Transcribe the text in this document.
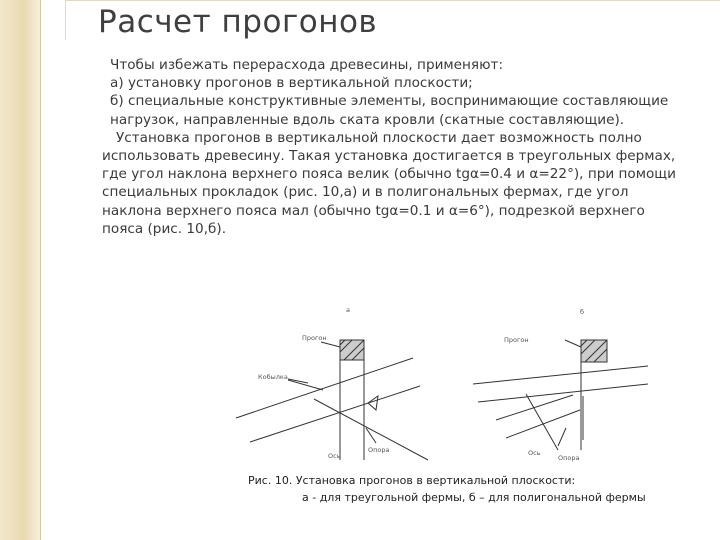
Расчет прогонов

Чтобы избежать перерасхода древесины, применяют:

а) установку прогонов в вертикальной плоскости;

б) специальные конструктивные элементы, воспринимающие составляющие нагрузок, направленные вдоль ската кровли (скатные составляющие).

Установка прогонов в вертикальной плоскости дает возможность полно использовать древесину. Такая установка достигается в треугольных фермах, где угол наклона верхнего пояса велик (обычно tgα=0.4 и α=22°), при помощи специальных прокладок (рис. 10,а) и в полигональных фермах, где угол наклона верхнего пояса мал (обычно tgα=0.1 и α=6°), подрезкой верхнего пояса (рис. 10,б).

а	б
Прогон
Кобылка
Опора
Ось
Прогон
Опора
Ось
Рис. 10. Установка прогонов в вертикальной плоскости:
а - для треугольной фермы, б – для полигональной фермы
